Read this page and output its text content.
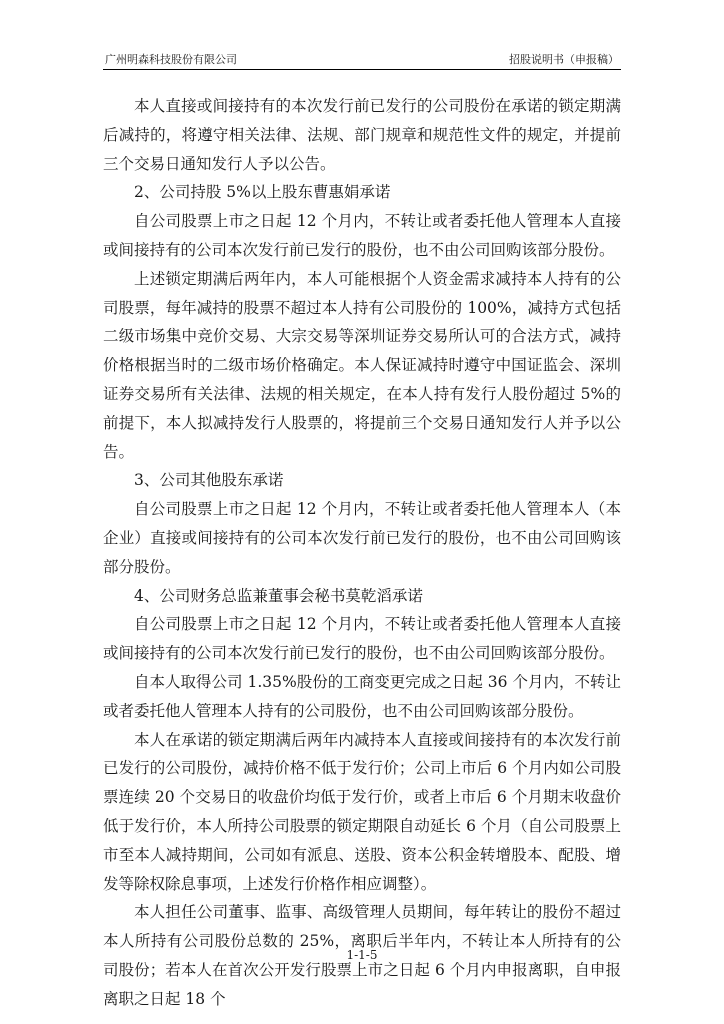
广州明森科技股份有限公司	招股说明书（申报稿）

本人直接或间接持有的本次发行前已发行的公司股份在承诺的锁定期满后减持的，将遵守相关法律、法规、部门规章和规范性文件的规定，并提前三个交易日通知发行人予以公告。

2、公司持股 5%以上股东曹惠娟承诺

自公司股票上市之日起 12 个月内，不转让或者委托他人管理本人直接或间接持有的公司本次发行前已发行的股份，也不由公司回购该部分股份。

上述锁定期满后两年内，本人可能根据个人资金需求减持本人持有的公司股票，每年减持的股票不超过本人持有公司股份的 100%，减持方式包括二级市场集中竞价交易、大宗交易等深圳证券交易所认可的合法方式，减持价格根据当时的二级市场价格确定。本人保证减持时遵守中国证监会、深圳证券交易所有关法律、法规的相关规定，在本人持有发行人股份超过 5%的前提下，本人拟减持发行人股票的，将提前三个交易日通知发行人并予以公告。

3、公司其他股东承诺

自公司股票上市之日起 12 个月内，不转让或者委托他人管理本人（本企业）直接或间接持有的公司本次发行前已发行的股份，也不由公司回购该部分股份。

4、公司财务总监兼董事会秘书莫乾滔承诺

自公司股票上市之日起 12 个月内，不转让或者委托他人管理本人直接或间接持有的公司本次发行前已发行的股份，也不由公司回购该部分股份。

自本人取得公司 1.35%股份的工商变更完成之日起 36 个月内，不转让或者委托他人管理本人持有的公司股份，也不由公司回购该部分股份。

本人在承诺的锁定期满后两年内减持本人直接或间接持有的本次发行前已发行的公司股份，减持价格不低于发行价；公司上市后 6 个月内如公司股票连续 20 个交易日的收盘价均低于发行价，或者上市后 6 个月期末收盘价低于发行价，本人所持公司股票的锁定期限自动延长 6 个月（自公司股票上市至本人减持期间，公司如有派息、送股、资本公积金转增股本、配股、增发等除权除息事项，上述发行价格作相应调整）。

本人担任公司董事、监事、高级管理人员期间，每年转让的股份不超过本人所持有公司股份总数的 25%，离职后半年内，不转让本人所持有的公司股份；若本人在首次公开发行股票上市之日起 6 个月内申报离职，自申报离职之日起 18 个

1-1-5
